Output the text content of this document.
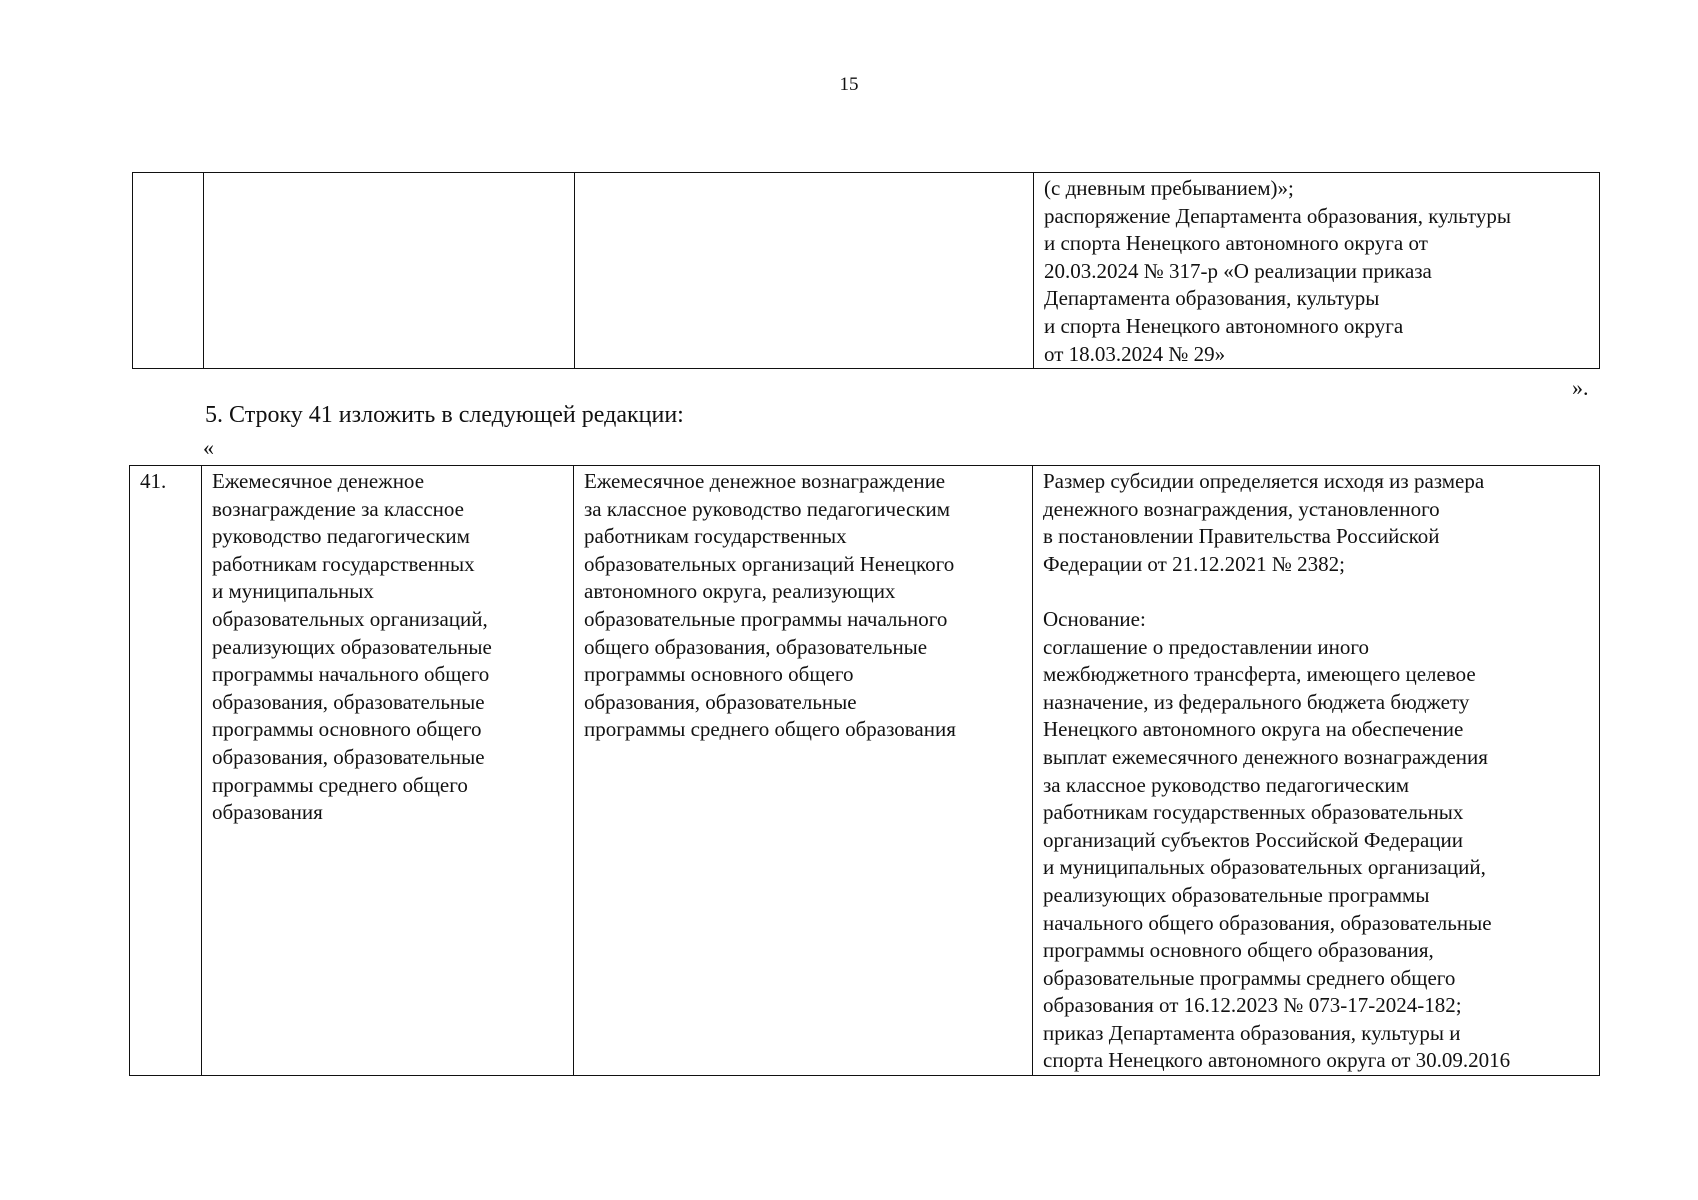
15
			(с дневным пребыванием)»;
распоряжение Департамента образования, культуры
и спорта Ненецкого автономного округа от
20.03.2024 № 317-р «О реализации приказа
Департамента образования, культуры
и спорта Ненецкого автономного округа
от 18.03.2024 № 29»
».
5. Строку 41 изложить в следующей редакции:
«
41.	Ежемесячное денежное
вознаграждение за классное
руководство педагогическим
работникам государственных
и муниципальных
образовательных организаций,
реализующих образовательные
программы начального общего
образования, образовательные
программы основного общего
образования, образовательные
программы среднего общего
образования	Ежемесячное денежное вознаграждение
за классное руководство педагогическим
работникам государственных
образовательных организаций Ненецкого
автономного округа, реализующих
образовательные программы начального
общего образования, образовательные
программы основного общего
образования, образовательные
программы среднего общего образования	Размер субсидии определяется исходя из размера
денежного вознаграждения, установленного
в постановлении Правительства Российской
Федерации от 21.12.2021 № 2382;

Основание:
соглашение о предоставлении иного
межбюджетного трансферта, имеющего целевое
назначение, из федерального бюджета бюджету
Ненецкого автономного округа на обеспечение
выплат ежемесячного денежного вознаграждения
за классное руководство педагогическим
работникам государственных образовательных
организаций субъектов Российской Федерации
и муниципальных образовательных организаций,
реализующих образовательные программы
начального общего образования, образовательные
программы основного общего образования,
образовательные программы среднего общего
образования от 16.12.2023 № 073-17-2024-182;
приказ Департамента образования, культуры и
спорта Ненецкого автономного округа от 30.09.2016
